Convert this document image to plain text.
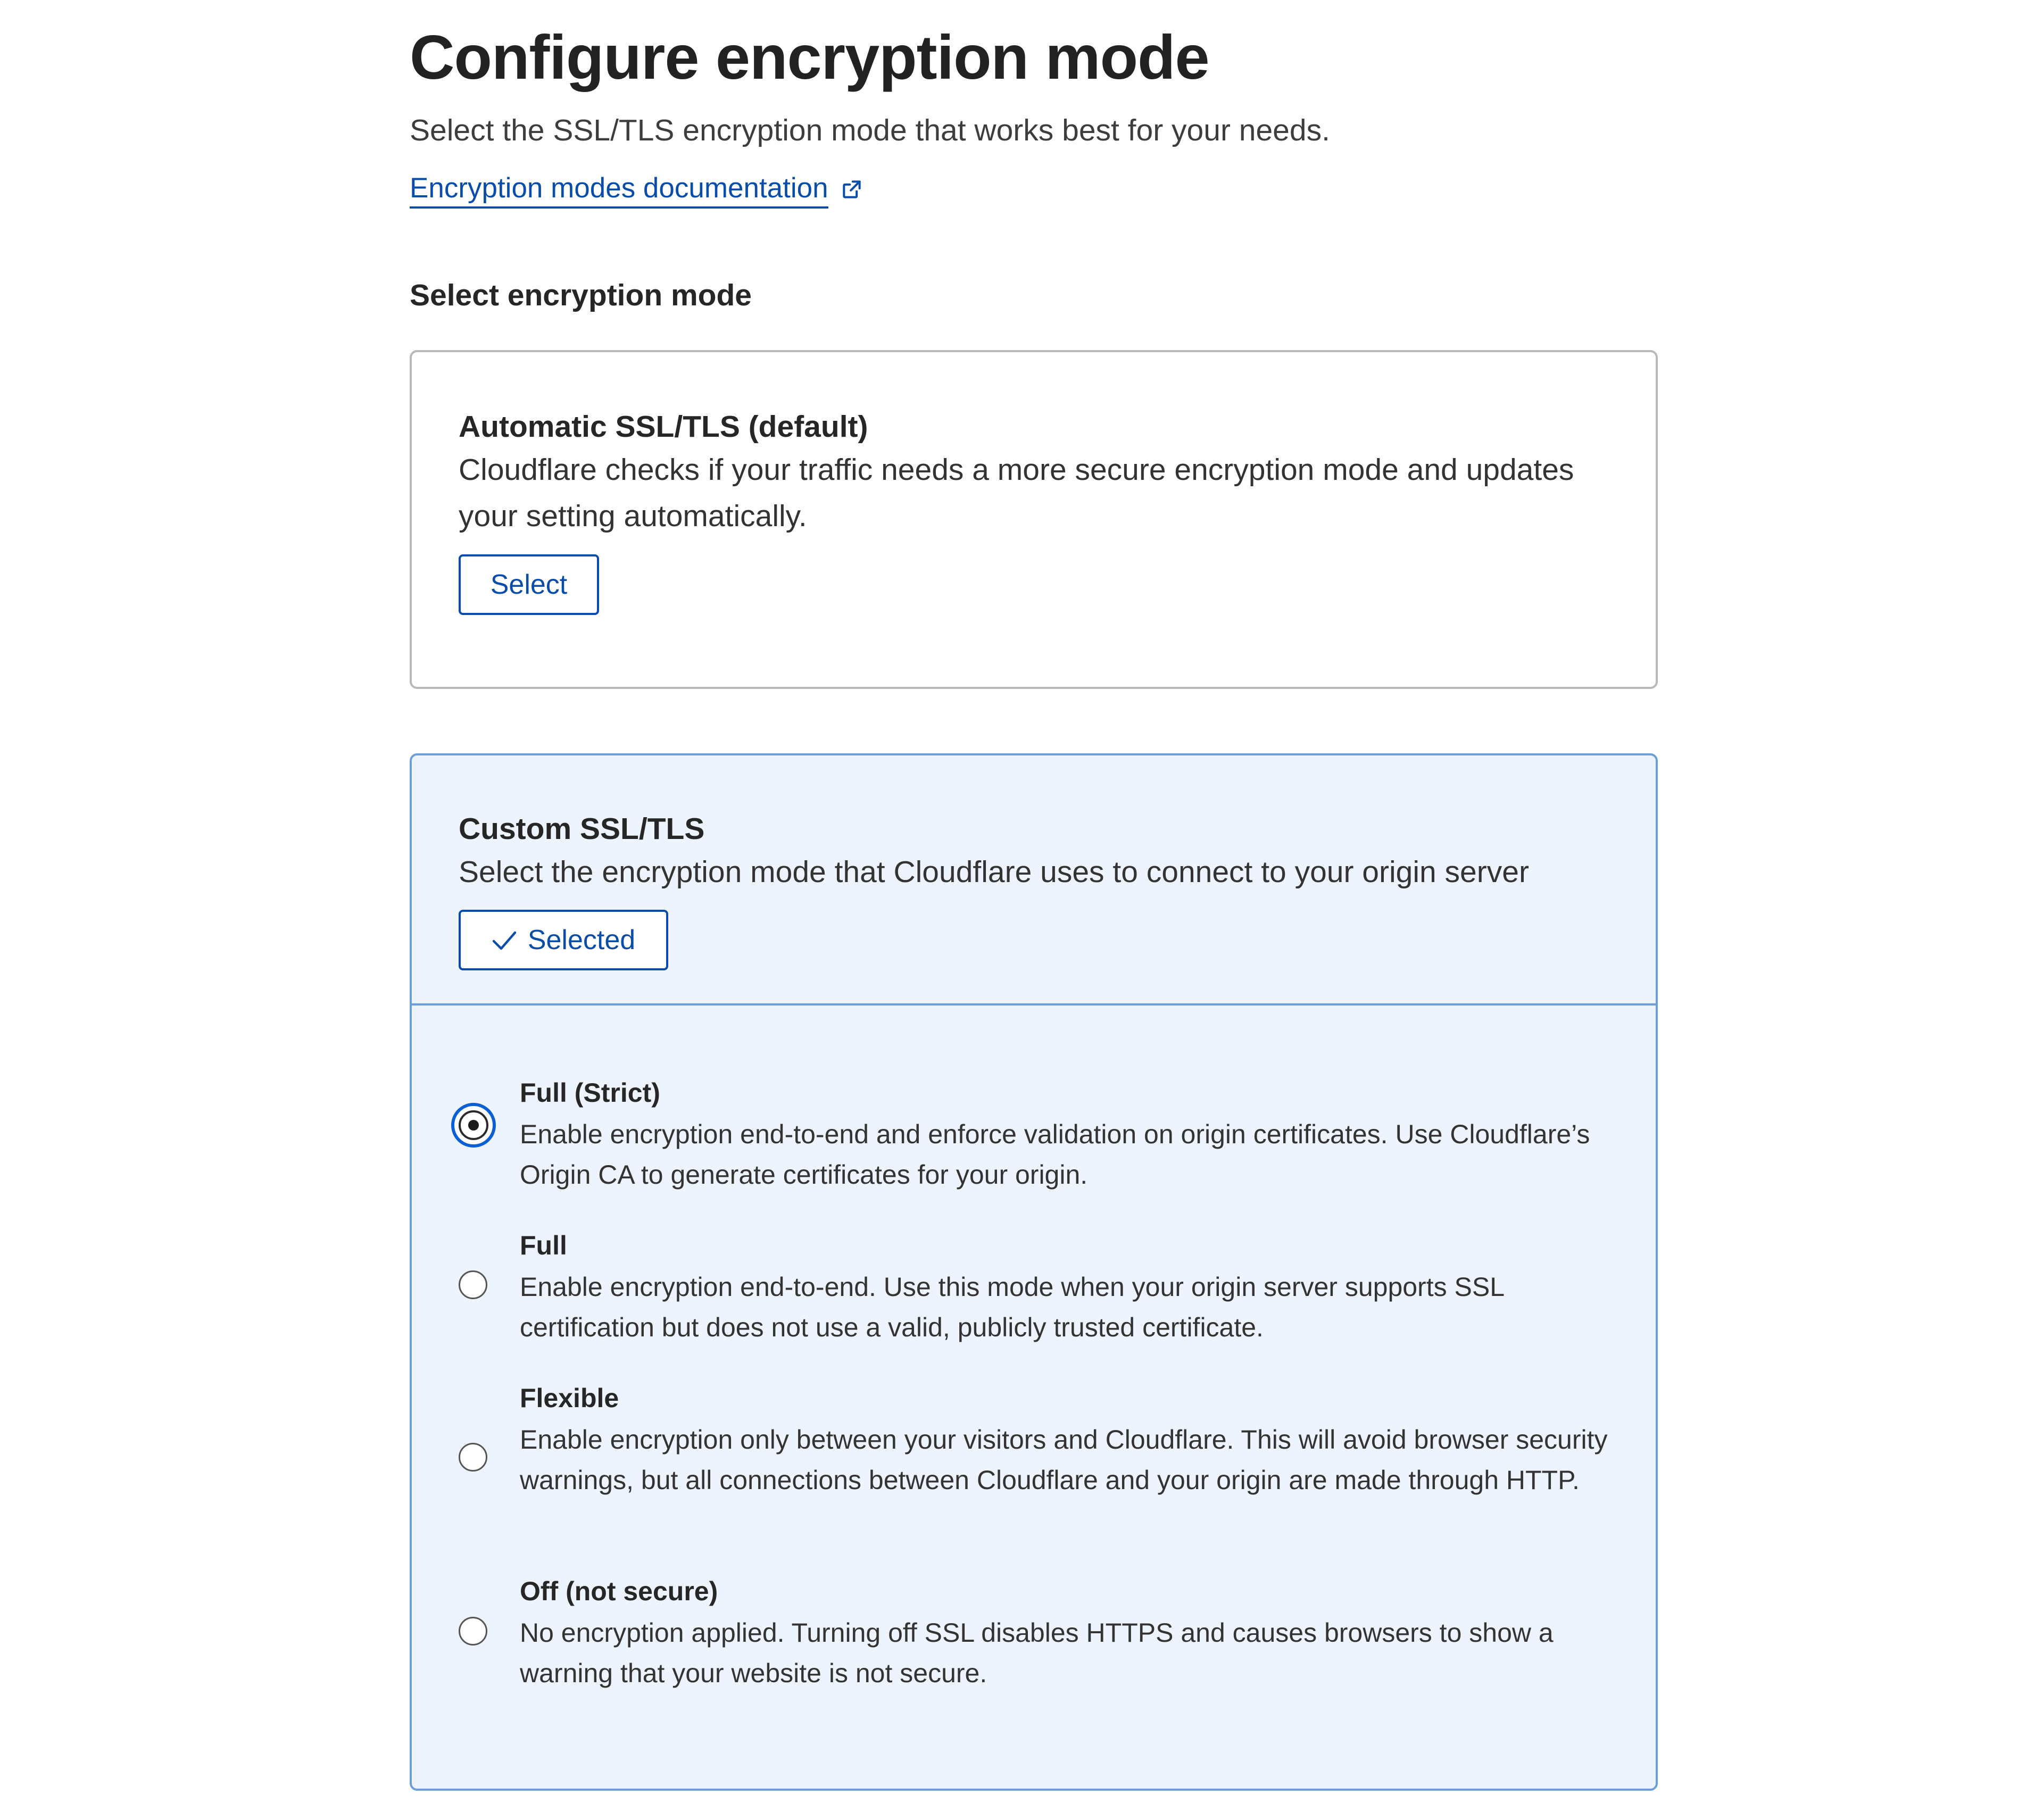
Configure encryption mode

Select the SSL/TLS encryption mode that works best for your needs.

Encryption modes documentation
Select encryption mode
Automatic SSL/TLS (default)

Cloudflare checks if your traffic needs a more secure encryption mode and updates your setting automatically.

Select
Custom SSL/TLS

Select the encryption mode that Cloudflare uses to connect to your origin server

Selected

Full (Strict)

Enable encryption end-to-end and enforce validation on origin certificates. Use Cloudflare’s Origin CA to generate certificates for your origin.

Full

Enable encryption end-to-end. Use this mode when your origin server supports SSL certification but does not use a valid, publicly trusted certificate.

Flexible

Enable encryption only between your visitors and Cloudflare. This will avoid browser security warnings, but all connections between Cloudflare and your origin are made through HTTP.

Off (not secure)

No encryption applied. Turning off SSL disables HTTPS and causes browsers to show a warning that your website is not secure.
